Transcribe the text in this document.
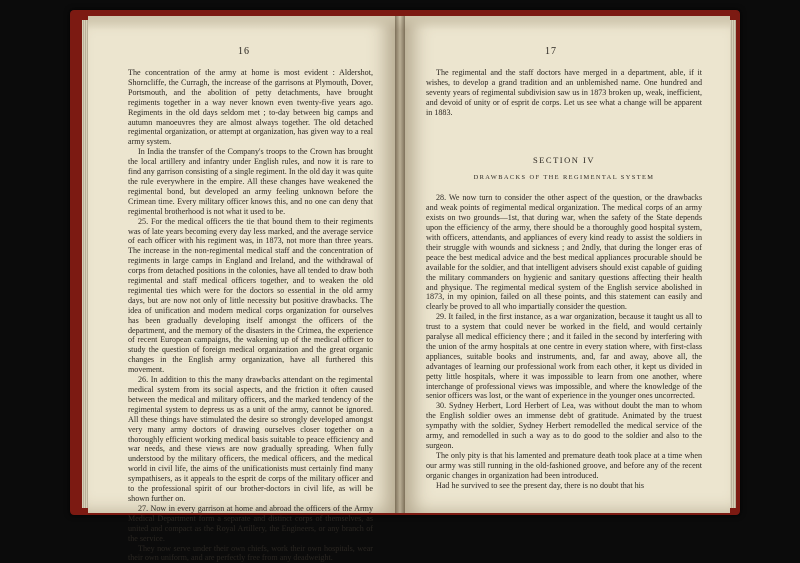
16

The concentration of the army at home is most evident : Aldershot, Shorncliffe, the Curragh, the increase of the garrisons at Plymouth, Dover, Portsmouth, and the abolition of petty detachments, have brought regiments together in a way never known even twenty-five years ago. Regiments in the old days seldom met ; to-day between big camps and autumn manoeuvres they are almost always together. The old detached regimental organization, or attempt at organization, has given way to a real army system.

In India the transfer of the Company's troops to the Crown has brought the local artillery and infantry under English rules, and now it is rare to find any garrison consisting of a single regiment. In the old day it was quite the rule everywhere in the empire. All these changes have weakened the regimental bond, but developed an army feeling unknown before the Crimean time. Every military officer knows this, and no one can deny that regimental brotherhood is not what it used to be.

25. For the medical officers the tie that bound them to their regiments was of late years becoming every day less marked, and the average service of each officer with his regiment was, in 1873, not more than three years. The increase in the non-regimental medical staff and the concentration of regiments in large camps in England and Ireland, and the withdrawal of corps from detached positions in the colonies, have all tended to draw both regimental and staff medical officers together, and to weaken the old regimental ties which were for the doctors so essential in the old army days, but are now not only of little necessity but positive drawbacks. The idea of unification and modern medical corps organization for ourselves has been gradually developing itself amongst the officers of the department, and the memory of the disasters in the Crimea, the experience of recent European campaigns, the wakening up of the medical officer to study the question of foreign medical organization and the great organic changes in the English army organization, have all furthered this movement.

26. In addition to this the many drawbacks attendant on the regimental medical system from its social aspects, and the friction it often caused between the medical and military officers, and the marked tendency of the regimental system to depress us as a unit of the army, cannot be ignored. All these things have stimulated the desire so strongly developed amongst very many army doctors of drawing ourselves closer together on a thoroughly efficient working medical basis suitable to peace efficiency and war needs, and these views are now gradually spreading. When fully understood by the military officers, the medical officers, and the medical world in civil life, the aims of the unificationists must certainly find many sympathisers, as it appeals to the esprit de corps of the military officer and to the professional spirit of our brother-doctors in civil life, as will be shown further on.

27. Now in every garrison at home and abroad the officers of the Army Medical Department form a separate and distinct corps of themselves, as united and compact as the Royal Artillery, the Engineers, or any branch of the service.

They now serve under their own chiefs, work their own hospitals, wear their own uniform, and are perfectly free from any deadweight.

17

The regimental and the staff doctors have merged in a department, able, if it wishes, to develop a grand tradition and an unblemished name. One hundred and seventy years of regimental subdivision saw us in 1873 broken up, weak, inefficient, and devoid of unity or of esprit de corps. Let us see what a change will be apparent in 1883.

SECTION IV
DRAWBACKS OF THE REGIMENTAL SYSTEM

28. We now turn to consider the other aspect of the question, or the drawbacks and weak points of regimental medical organization. The medical corps of an army exists on two grounds—1st, that during war, when the safety of the State depends upon the efficiency of the army, there should be a thoroughly good hospital system, with officers, attendants, and appliances of every kind ready to assist the soldiers in their struggle with wounds and sickness ; and 2ndly, that during the longer eras of peace the best medical advice and the best medical appliances procurable should be available for the soldier, and that intelligent advisers should exist capable of guiding the military commanders on hygienic and sanitary questions affecting their health and physique. The regimental medical system of the English service abolished in 1873, in my opinion, failed on all these points, and this statement can easily and clearly be proved to all who impartially consider the question.

29. It failed, in the first instance, as a war organization, because it taught us all to trust to a system that could never be worked in the field, and would certainly paralyse all medical efficiency there ; and it failed in the second by interfering with the union of the army hospitals at one centre in every station where, with first-class appliances, suitable books and instruments, and, far and away, above all, the advantages of learning our professional work from each other, it kept us divided in petty little hospitals, where it was impossible to learn from one another, where interchange of professional views was impossible, and where the knowledge of the senior officers was lost, or the want of experience in the younger ones uncorrected.

30. Sydney Herbert, Lord Herbert of Lea, was without doubt the man to whom the English soldier owes an immense debt of gratitude. Animated by the truest sympathy with the soldier, Sydney Herbert remodelled the medical service of the army, and remodelled in such a way as to do good to the soldier and also to the surgeon.

The only pity is that his lamented and premature death took place at a time when our army was still running in the old-fashioned groove, and before any of the recent organic changes in organization had been introduced.

Had he survived to see the present day, there is no doubt that his
